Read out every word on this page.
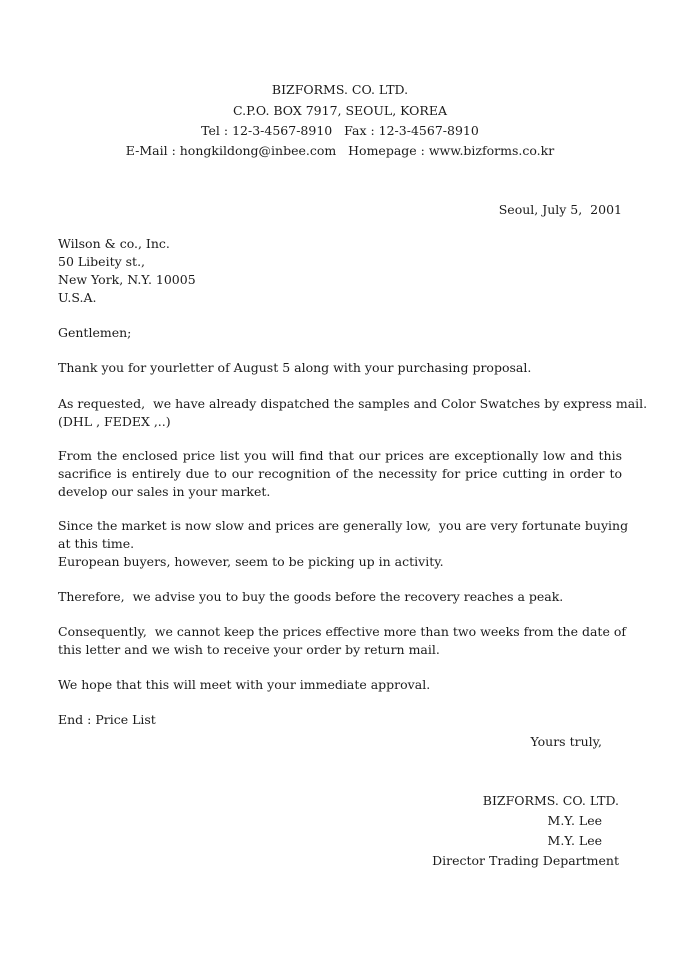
BIZFORMS. CO. LTD.
C.P.O. BOX 7917, SEOUL, KOREA
Tel : 12-3-4567-8910   Fax : 12-3-4567-8910
E-Mail : hongkildong@inbee.com   Homepage : www.bizforms.co.kr
Seoul, July 5,  2001
Wilson & co., Inc.
50 Libeity st.,
New York, N.Y. 10005
U.S.A.
Gentlemen;
Thank you for yourletter of August 5 along with your purchasing proposal.
As requested,  we have already dispatched the samples and Color Swatches by express mail.
(DHL , FEDEX ,..)
From the enclosed price list you will find that our prices are exceptionally low and this
sacrifice is entirely due to our recognition of the necessity for price cutting in order to
develop our sales in your market.
Since the market is now slow and prices are generally low,  you are very fortunate buying
at this time.
European buyers, however, seem to be picking up in activity.
Therefore,  we advise you to buy the goods before the recovery reaches a peak.
Consequently,  we cannot keep the prices effective more than two weeks from the date of
this letter and we wish to receive your order by return mail.
We hope that this will meet with your immediate approval.
End : Price List
Yours truly,
BIZFORMS. CO. LTD.
M.Y. Lee
M.Y. Lee
Director Trading Department
